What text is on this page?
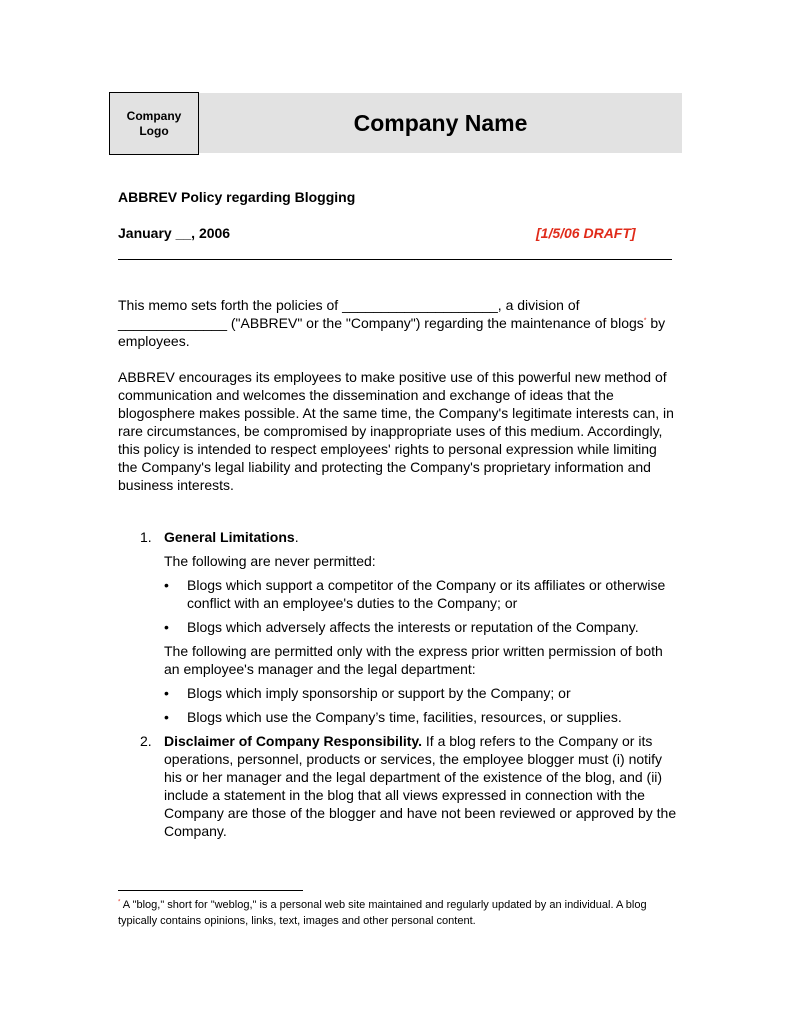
Company
Logo	Company Name
ABBREV Policy regarding Blogging
January __, 2006	[1/5/06 DRAFT]

This memo sets forth the policies of ____________________, a division of ______________ ("ABBREV" or the "Company") regarding the maintenance of blogs* by employees.

ABBREV encourages its employees to make positive use of this powerful new method of communication and welcomes the dissemination and exchange of ideas that the blogosphere makes possible. At the same time, the Company's legitimate interests can, in rare circumstances, be compromised by inappropriate uses of this medium. Accordingly, this policy is intended to respect employees' rights to personal expression while limiting the Company's legal liability and protecting the Company's proprietary information and business interests.

1. General Limitations.

The following are never permitted:

• Blogs which support a competitor of the Company or its affiliates or otherwise conflict with an employee's duties to the Company; or

• Blogs which adversely affects the interests or reputation of the Company.

The following are permitted only with the express prior written permission of both an employee's manager and the legal department:

• Blogs which imply sponsorship or support by the Company; or

• Blogs which use the Company’s time, facilities, resources, or supplies.

2. Disclaimer of Company Responsibility. If a blog refers to the Company or its operations, personnel, products or services, the employee blogger must (i) notify his or her manager and the legal department of the existence of the blog, and (ii) include a statement in the blog that all views expressed in connection with the Company are those of the blogger and have not been reviewed or approved by the Company.

* A "blog," short for "weblog," is a personal web site maintained and regularly updated by an individual. A blog typically contains opinions, links, text, images and other personal content.
